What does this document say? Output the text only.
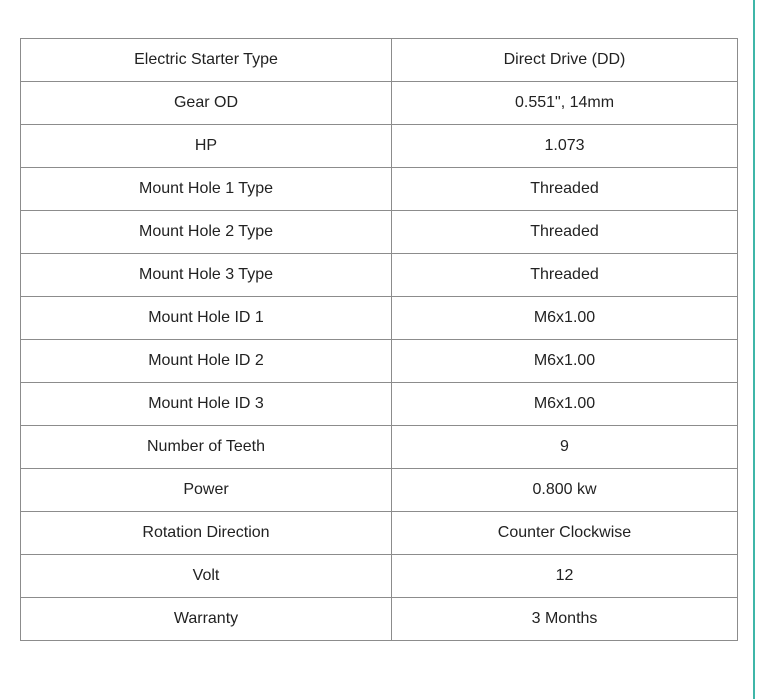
Electric Starter Type	Direct Drive (DD)
Gear OD	0.551", 14mm
HP	1.073
Mount Hole 1 Type	Threaded
Mount Hole 2 Type	Threaded
Mount Hole 3 Type	Threaded
Mount Hole ID 1	M6x1.00
Mount Hole ID 2	M6x1.00
Mount Hole ID 3	M6x1.00
Number of Teeth	9
Power	0.800 kw
Rotation Direction	Counter Clockwise
Volt	12
Warranty	3 Months
